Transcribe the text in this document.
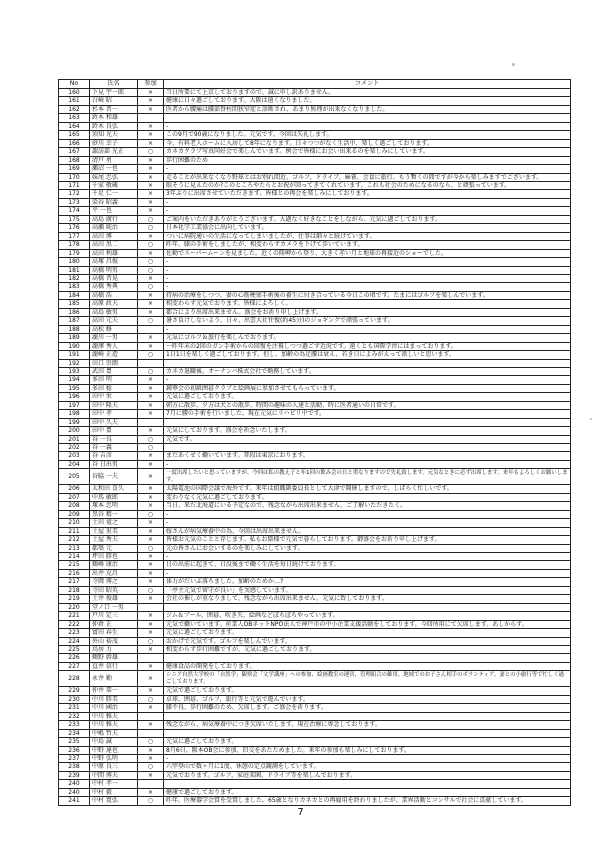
No	氏名	参加	コメント
160	下見 宇一郎	×	当日所要にて上京しておりますので、誠に申し訳ありません。
161	白崎 昭	×	健康に日々過ごしております。大阪は遠くなりました。
162	杉本 晋一	×	医者から腰痛は腰部脊柱間狭窄症と診断され、あまり無理が出来なくなりました。
163	鈴木 和雄		
164	鈴木 良弘	×	-
165	須知 光夫	×	この9月で90歳になりました。元気です。今回は失礼します。
166	砂川 幸子	×	今、有料老人ホームに入居して8年になります。日々つつがなく生活中、楽しく過ごしております。
167	諏訪部 光正	○	カネカクラブ写真同好会で楽しんでいます。例会で皆様にお会い出来るのを楽しみにしています。
168	清戸 勇	×	歩行困難のため
169	瀬沼 一也	×	-
170	妹尾 忠弘	×	走ることが出来なくなり野球とはお別れ間近、ゴルフ、ドライブ、麻雀、会食に旅行、もう暫くの間ですが今から楽しみますでございます。
171	千家 敬蔵	×	眼そうに見えたのか?このところやたらとお祝が回ってきてくれています。これも社会のためになるのなら、と頑張っています。
172	千足 仁一	×	3年ぶりに出席させていただきます。皆様との再会を楽しみにしております。
173	染谷 昭義	×	-
174	平 一也	×	-
175	高島 廣行	○	ご案内をいただきありがとうございます。大過なく好きなことをしながら、元気に過ごしております。
176	高瀬 純治	○	日本化学工業協会に出向しています。
177	高田 博	×	ついに病院通いの生活になってしまいましたが、仕事は細々と続けています。
178	高田 黒二	○	昨年、膝の手術をしましたが、相変わらずカメラを下げて歩いています。
179	高田 利雄	×	佐勤でスーパームーンを見ました。近くの陸岬から登り、大きく赤い月と地球の再接近のショーでした。
180	高塚 昌俊	○	-
181	高橋 明男	○	-
182	高橋 晋晃	×	-
183	高橋 秀典	○	-
184	高橋 浩	×	持病の治療をしつつ、妻の心筋梗塞手術後の養生に付き合っている今日この頃です。たまにはゴルフを楽しんでいます。
185	高原 政夫	×	相変わらず元気でおります。皆様によろしく。
186	高島 敏男	×	都合により出席出来ません。盛会をお祈り申し上げます。
187	高田 元夫	○	暑さ負けしないよう、日々、出雲大社往復(約45分)のジョギングで頑張っています。
188	高松 修		-
189	瀧川 一男	×	元気にゴルフ＆旅行を楽しんでおります。
190	瀧澤 秀人	×	一昨年末の2回のガン手術からの回復を注視しつつ過ごず近況です。遠くとも国際学習にはまっております。
191	瀧崎 正造	○	1日1日を楽しく過ごしております。但し、加齢の為足腰は衰え、若き日によみがえって欲しいと思います。
192	田口 崇朗		
193	武田 豊	○	カネカ退職後、オーナンバ株式会社で勤務しています。
194	多田 明	×	-
195	多田 稔	×	鐘華会の初級囲碁クラブと絵画展に参加させてもらっています。
196	田中 栄	×	元気に過ごしております。
197	田中 隆夫	×	朝方に散歩、夕方は犬との散歩、時間の趣味の人達と活動、時に医者通いの日常です。
198	田中 孝	×	7月に腰の手術を行いました。現在元気にリハビリ中です。
199	田中 久夫		
200	田中 豊	×	元気にしております。盛会を祈念いたします。
201	谷 一良	○	元気です。
202	谷 一義	○	
203	谷 吉彦	×	まだあくせく働いています。普段は東京におります。
204	谷 日出男	×	-
205	谷脇 一夫	×	一度出席したいと思っていますが、今回は私の教え子と年1回の飲み会の日と重なりますので失礼致します。元気なときに必ず出席します。来年もよろしくお願いします。
206	太和田 喜久	×	太陽電池の国際会議で海外です。来年は組織副委員長として大津で開催しますので、しばらく忙しいです。
207	中馬 敏郎	×	変わりなく元気に過ごしております。
208	塚本 忠明	×	当日、来だ北海道にいる予定なので、残念ながら出席出来ません。ご了解いただきたく。
209	黒谷 精一	○	-
210	土田 竜之	×	-
211	土屋 重美	×	嫁さんが病気療養中の為、今回は出席出来ません。
212	土屋 秀夫	×	皆様お元気のことと存じます。私もお陰様で元気で暮らしております。御盛会をお祈り申し上げます。
213	都築 元	○	元の皆さんにお会いするのを楽しみにしています。
214	坪田 勝也	×	-
215	鶴峰 康治	×	日の出前に起きて、日没後まで働く生活を毎日続けております。
216	出井 克昌	×	-
217	寺岡 博之	×	体力がだいぶ落ちました。加齢のためか…?
218	寺田 昭英	○	「亭主元気で留守が良い」を実感しています。
219	土井 俊雄	×	会社の催しが重なりまして、残念ながら出席出来ません。元気に致しております。
220	堂ノ口 一男		
221	戸川 定三	×	ジム＆プール、囲碁、吹き矢、絵画などぼちぼちやっています。
222	仲倉 正	×	元気で働いています。産業人OBネットNPO法人で神戸市の中小企業支援活動をしております。今回所用にて欠席します。あしからず。
223	富田 春生	×	元気に過ごしております。
224	外山 裕茂	○	おかげで元気です。ゴルフを楽しんでいます。
225	鳥居 力	×	相変わらず歩行困難ですが、元気に過ごしております。
226	鶴野 幹雄		
227	直井 信行	×	健康食品の開発をしております。
228	永井 勤	×	シニア自然大学校の「自然学」観察会「文学講座」への参加、絵画教室の運営、管理組合の雑用、地域でのお子さん相手のボランティア、妻との小旅行等で忙しく過ごしております。
229	仲井 恭一	×	元気で過ごしております。
230	中川 勝美	○	卓球、囲碁、ゴルフ、旅行等と元気で遊んでいます。
231	中川 國治	×	膝不良、歩行困難のため、欠席します。ご盛会を祈ります。
232	中川 雅夫		
233	中川 雅夫	×	残念ながら、病気療養中につき欠席いたします。現在治療に専念しております。
234	中嶋 哲夫		
235	中島 誠	○	元気に過ごしております。
236	中野 達也	×	8月6日、阪本OB会に参加、旧交をあたためました。来年の参加も楽しみにしております。
237	中野 弘明	×	-
238	中原 良三	○	六甲登山で数ヶ月に1度、休憩の定点観測をしています。
239	中間 博夫	×	元気でおります。ゴルフ、家庭菜園、ドライブ等を楽しんでおります。
240	中村 孝一		
240	中村 毅	×	健康で過ごしております。
241	中村 寛弘	○	昨年、医療器学会賞を受賞しました。65歳となりカネカとの再雇用を終わりましたが、業界活動とコンサルで社会に貢献しています。
7
